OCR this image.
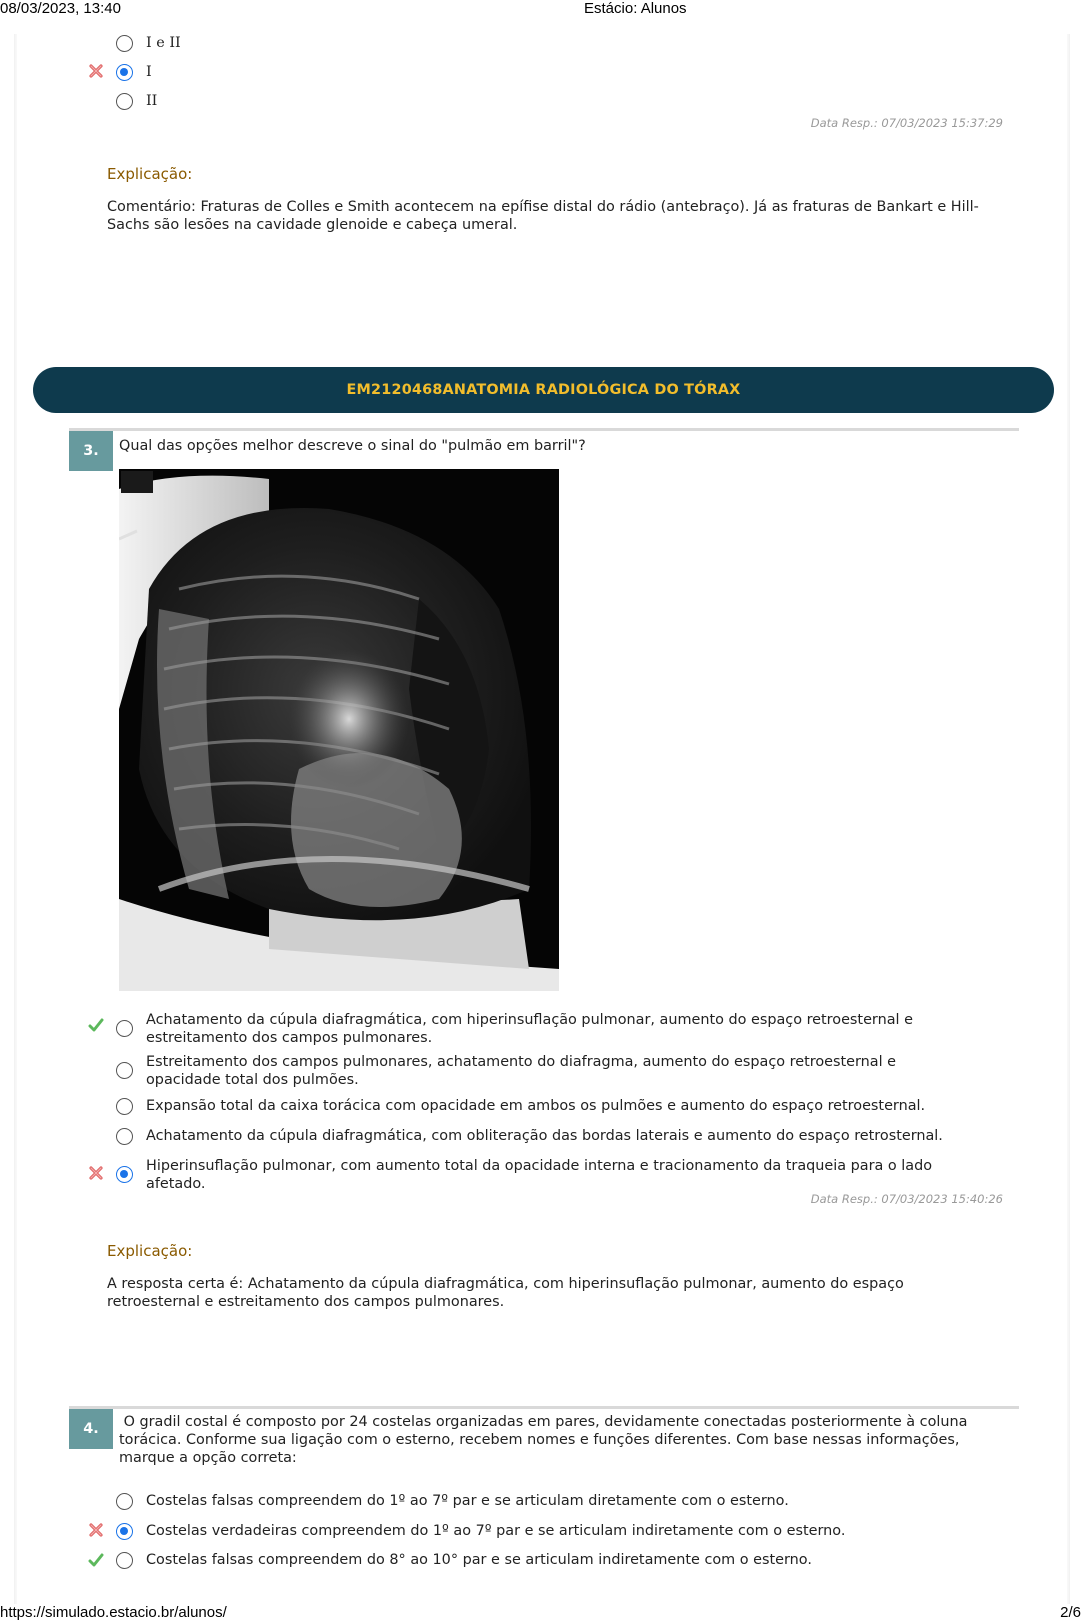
08/03/2023, 13:40	Estácio: Alunos
I e II
I
II
Data Resp.: 07/03/2023 15:37:29
Explicação:
Comentário: Fraturas de Colles e Smith acontecem na epífise distal do rádio (antebraço). Já as fraturas de Bankart e Hill-Sachs são lesões na cavidade glenoide e cabeça umeral.
EM2120468ANATOMIA RADIOLÓGICA DO TÓRAX
3.	Qual das opções melhor descreve o sinal do "pulmão em barril"?
Achatamento da cúpula diafragmática, com hiperinsuflação pulmonar, aumento do espaço retroesternal e estreitamento dos campos pulmonares.
Estreitamento dos campos pulmonares, achatamento do diafragma, aumento do espaço retroesternal e opacidade total dos pulmões.
Expansão total da caixa torácica com opacidade em ambos os pulmões e aumento do espaço retroesternal.
Achatamento da cúpula diafragmática, com obliteração das bordas laterais e aumento do espaço retrosternal.
Hiperinsuflação pulmonar, com aumento total da opacidade interna e tracionamento da traqueia para o lado afetado.
Data Resp.: 07/03/2023 15:40:26
Explicação:
A resposta certa é: Achatamento da cúpula diafragmática, com hiperinsuflação pulmonar, aumento do espaço retroesternal e estreitamento dos campos pulmonares.
4.	O gradil costal é composto por 24 costelas organizadas em pares, devidamente conectadas posteriormente à coluna torácica. Conforme sua ligação com o esterno, recebem nomes e funções diferentes. Com base nessas informações, marque a opção correta:
Costelas falsas compreendem do 1º ao 7º par e se articulam diretamente com o esterno.
Costelas verdadeiras compreendem do 1º ao 7º par e se articulam indiretamente com o esterno.
Costelas falsas compreendem do 8° ao 10° par e se articulam indiretamente com o esterno.
https://simulado.estacio.br/alunos/	2/6
